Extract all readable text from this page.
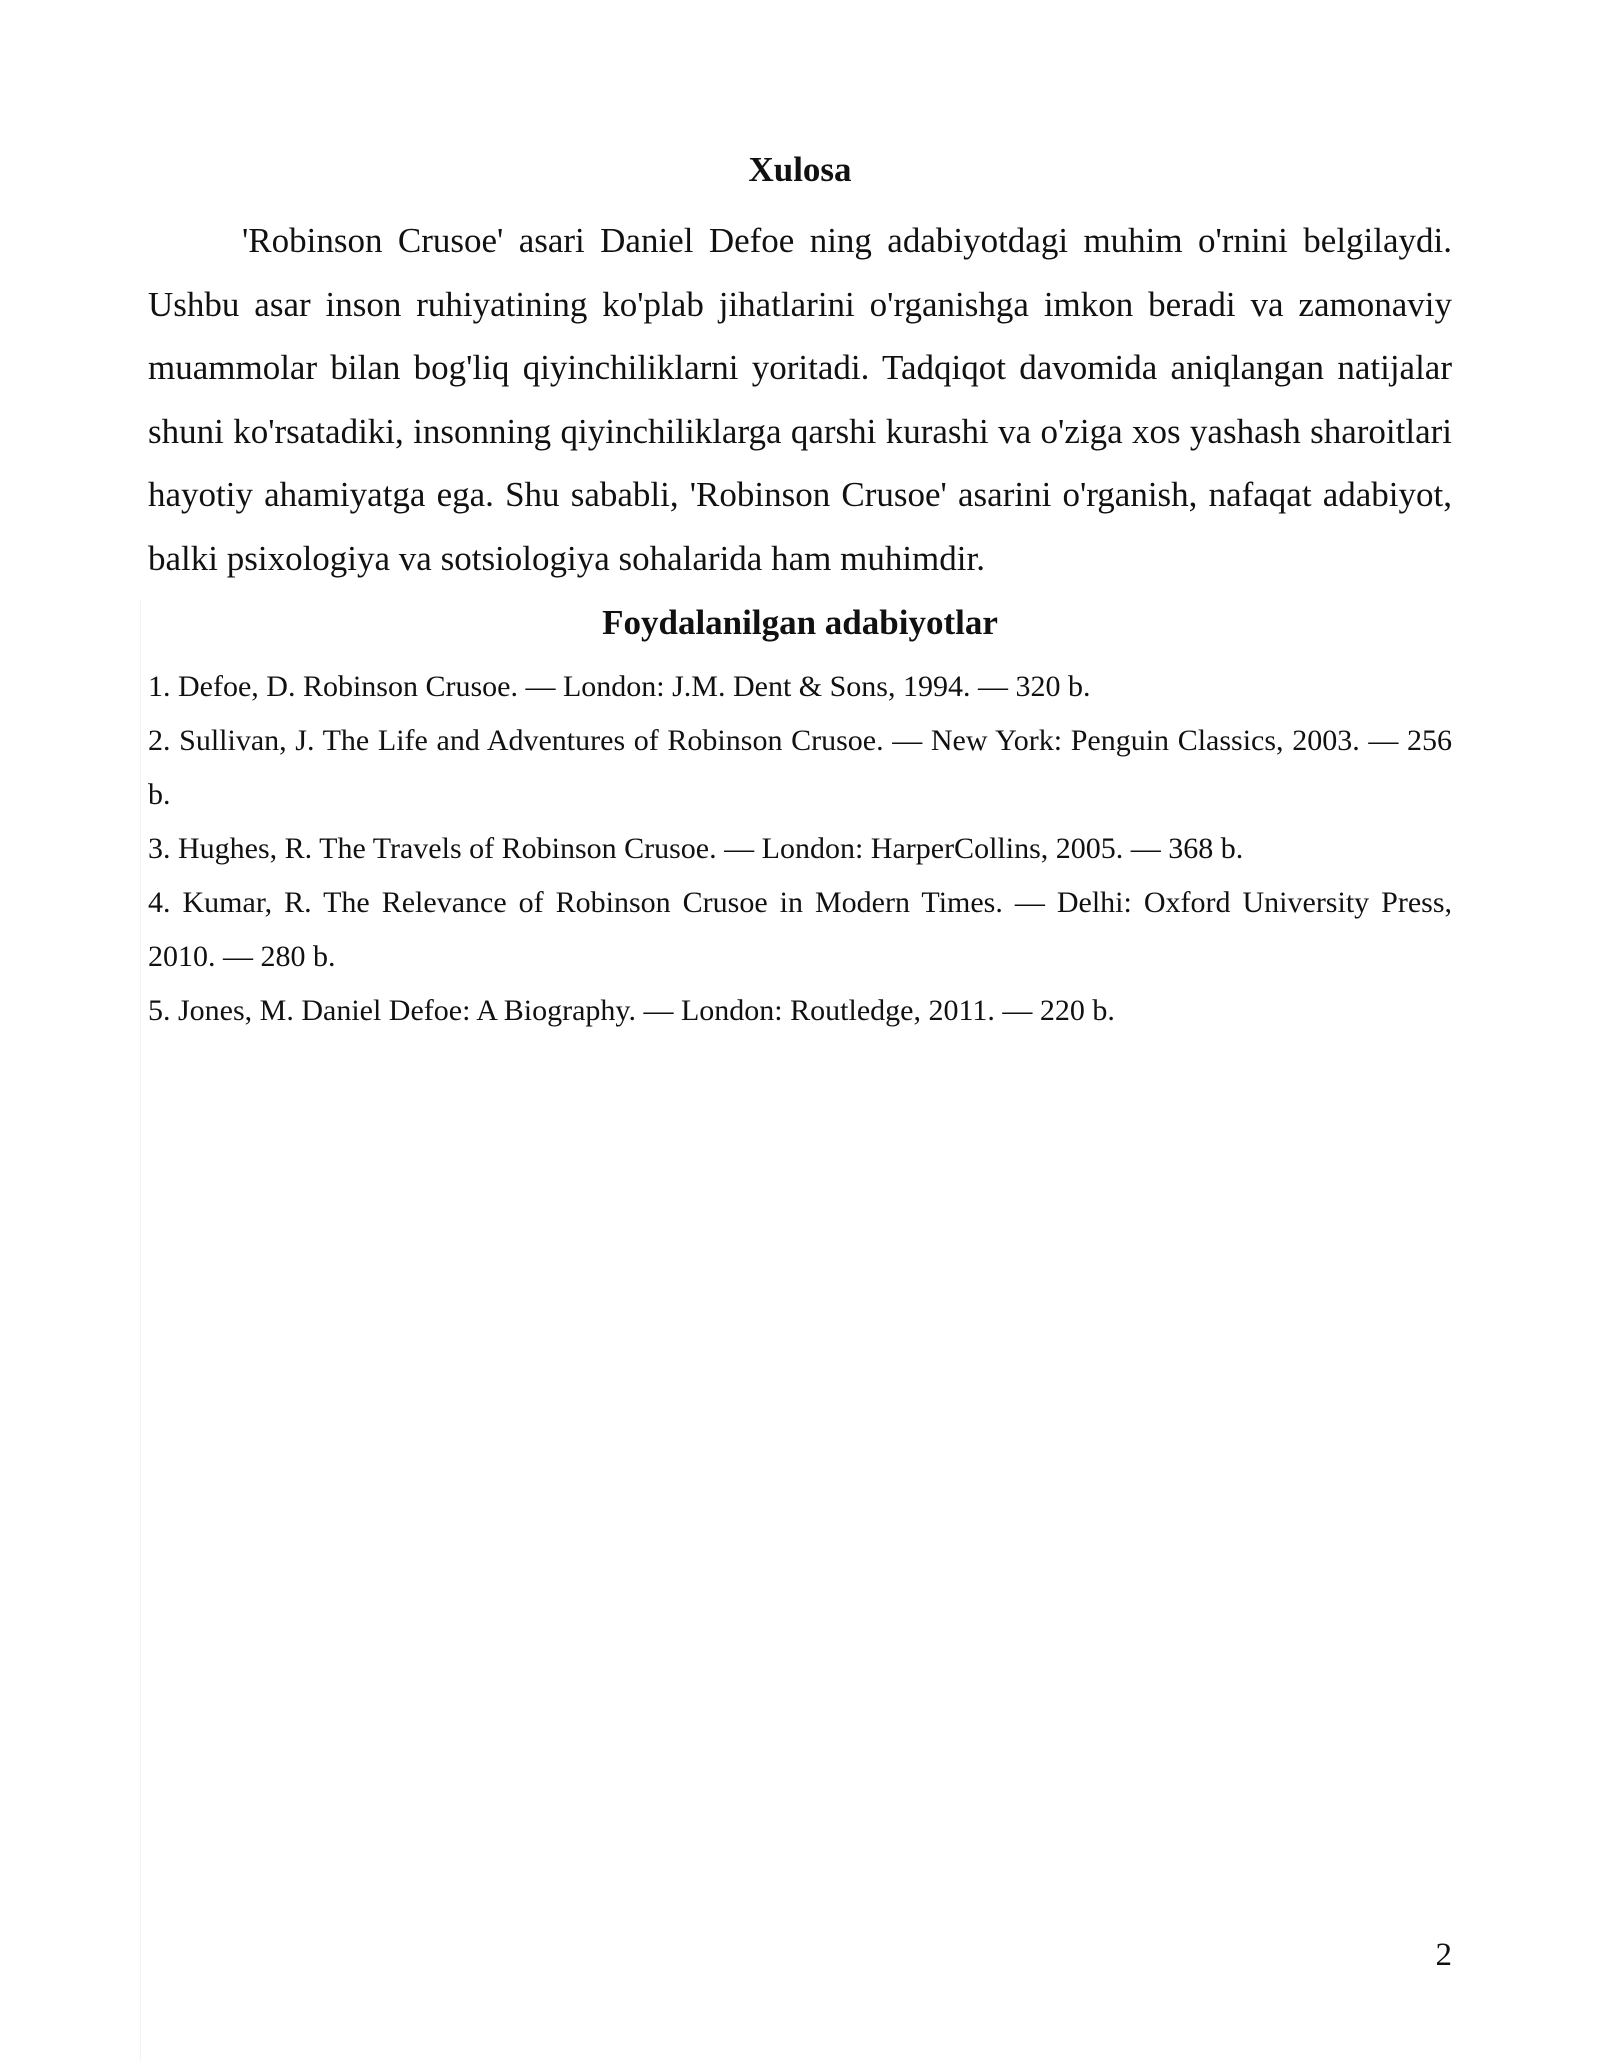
Xulosa

'Robinson Crusoe' asari Daniel Defoe ning adabiyotdagi muhim o'rnini belgilaydi. Ushbu asar inson ruhiyatining ko'plab jihatlarini o'rganishga imkon beradi va zamonaviy muammolar bilan bog'liq qiyinchiliklarni yoritadi. Tadqiqot davomida aniqlangan natijalar shuni ko'rsatadiki, insonning qiyinchiliklarga qarshi kurashi va o'ziga xos yashash sharoitlari hayotiy ahamiyatga ega. Shu sababli, 'Robinson Crusoe' asarini o'rganish, nafaqat adabiyot, balki psixologiya va sotsiologiya sohalarida ham muhimdir.

Foydalanilgan adabiyotlar
1. Defoe, D. Robinson Crusoe. — London: J.M. Dent & Sons, 1994. — 320 b.
2. Sullivan, J. The Life and Adventures of Robinson Crusoe. — New York: Penguin Classics, 2003. — 256 b.
3. Hughes, R. The Travels of Robinson Crusoe. — London: HarperCollins, 2005. — 368 b.
4. Kumar, R. The Relevance of Robinson Crusoe in Modern Times. — Delhi: Oxford University Press, 2010. — 280 b.
5. Jones, M. Daniel Defoe: A Biography. — London: Routledge, 2011. — 220 b.
2
